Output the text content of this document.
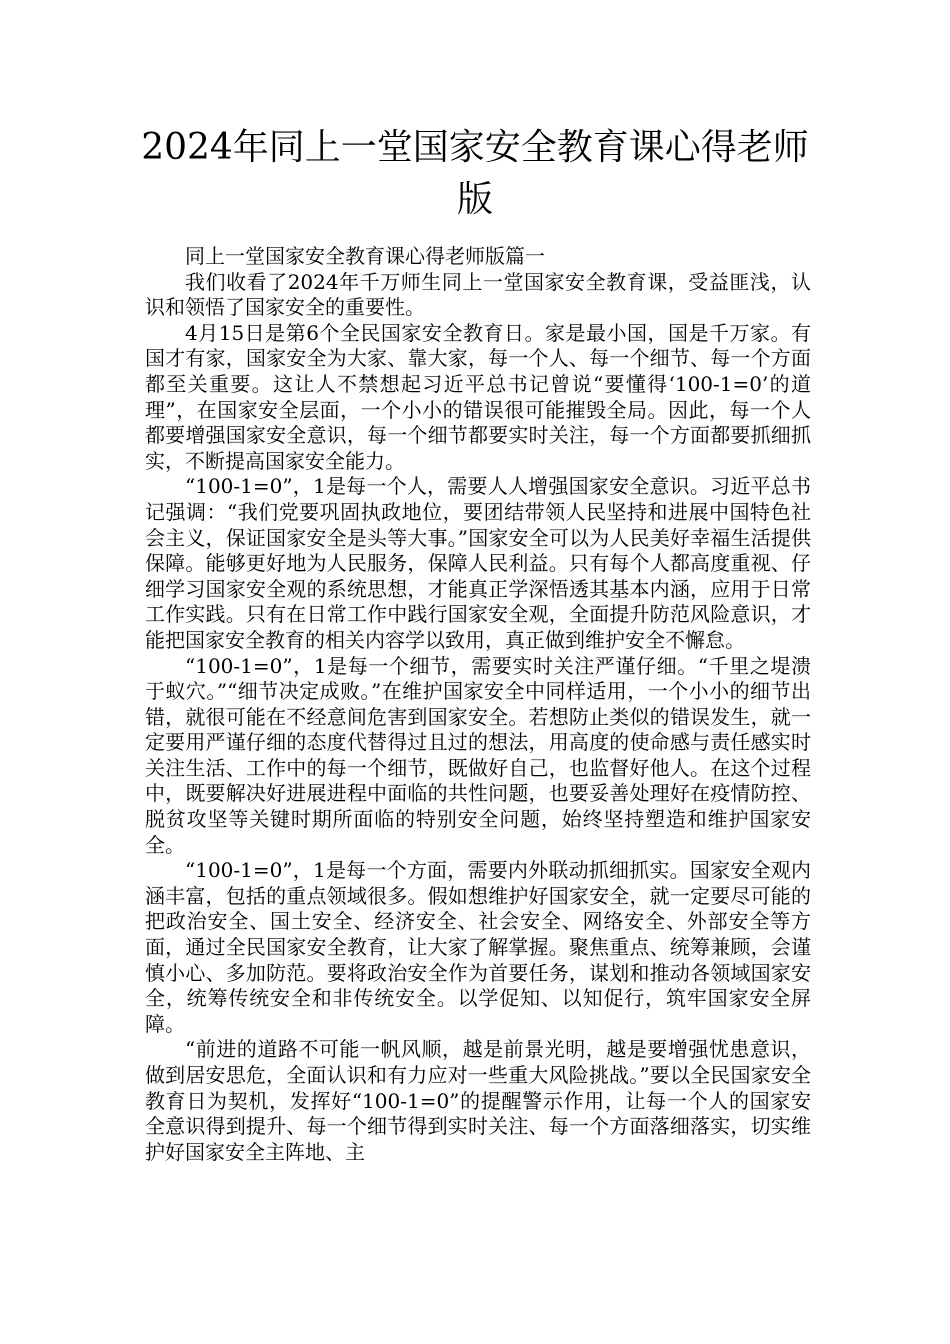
2024年同上一堂国家安全教育课心得老师版

同上一堂国家安全教育课心得老师版篇一

我们收看了2024年千万师生同上一堂国家安全教育课，受益匪浅，认识和领悟了国家安全的重要性。

4月15日是第6个全民国家安全教育日。家是最小国，国是千万家。有国才有家，国家安全为大家、靠大家，每一个人、每一个细节、每一个方面都至关重要。这让人不禁想起习近平总书记曾说“要懂得‘100-1=0’的道理”，在国家安全层面，一个小小的错误很可能摧毁全局。因此，每一个人都要增强国家安全意识，每一个细节都要实时关注，每一个方面都要抓细抓实，不断提高国家安全能力。

“100-1=0”，1是每一个人，需要人人增强国家安全意识。习近平总书记强调：“我们党要巩固执政地位，要团结带领人民坚持和进展中国特色社会主义，保证国家安全是头等大事。”国家安全可以为人民美好幸福生活提供保障。能够更好地为人民服务，保障人民利益。只有每个人都高度重视、仔细学习国家安全观的系统思想，才能真正学深悟透其基本内涵，应用于日常工作实践。只有在日常工作中践行国家安全观，全面提升防范风险意识，才能把国家安全教育的相关内容学以致用，真正做到维护安全不懈怠。

“100-1=0”，1是每一个细节，需要实时关注严谨仔细。“千里之堤溃于蚁穴。”“细节决定成败。”在维护国家安全中同样适用，一个小小的细节出错，就很可能在不经意间危害到国家安全。若想防止类似的错误发生，就一定要用严谨仔细的态度代替得过且过的想法，用高度的使命感与责任感实时关注生活、工作中的每一个细节，既做好自己，也监督好他人。在这个过程中，既要解决好进展进程中面临的共性问题，也要妥善处理好在疫情防控、脱贫攻坚等关键时期所面临的特别安全问题，始终坚持塑造和维护国家安全。

“100-1=0”，1是每一个方面，需要内外联动抓细抓实。国家安全观内涵丰富，包括的重点领域很多。假如想维护好国家安全，就一定要尽可能的把政治安全、国土安全、经济安全、社会安全、网络安全、外部安全等方面，通过全民国家安全教育，让大家了解掌握。聚焦重点、统筹兼顾，会谨慎小心、多加防范。要将政治安全作为首要任务，谋划和推动各领域国家安全，统筹传统安全和非传统安全。以学促知、以知促行，筑牢国家安全屏障。

“前进的道路不可能一帆风顺，越是前景光明，越是要增强忧患意识，做到居安思危，全面认识和有力应对一些重大风险挑战。”要以全民国家安全教育日为契机，发挥好“100-1=0”的提醒警示作用，让每一个人的国家安全意识得到提升、每一个细节得到实时关注、每一个方面落细落实，切实维护好国家安全主阵地、主
